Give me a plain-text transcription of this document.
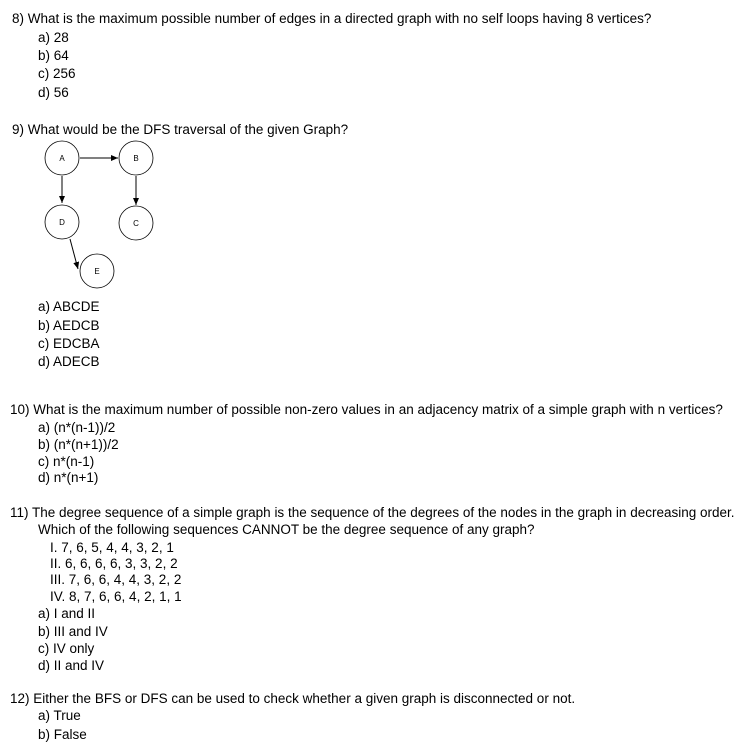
8) What is the maximum possible number of edges in a directed graph with no self loops having 8 vertices?
a) 28
b) 64
c) 256
d) 56
9) What would be the DFS traversal of the given Graph?
A	B
C
D
E
a) ABCDE
b) AEDCB
c) EDCBA
d) ADECB
10) What is the maximum number of possible non-zero values in an adjacency matrix of a simple graph with n vertices?
a) (n*(n-1))/2
b) (n*(n+1))/2
c) n*(n-1)
d) n*(n+1)
11) The degree sequence of a simple graph is the sequence of the degrees of the nodes in the graph in decreasing order.
Which of the following sequences CANNOT be the degree sequence of any graph?
I. 7, 6, 5, 4, 4, 3, 2, 1
II. 6, 6, 6, 6, 3, 3, 2, 2
III. 7, 6, 6, 4, 4, 3, 2, 2
IV. 8, 7, 6, 6, 4, 2, 1, 1
a) I and II
b) III and IV
c) IV only
d) II and IV
12) Either the BFS or DFS can be used to check whether a given graph is disconnected or not.
a) True
b) False
